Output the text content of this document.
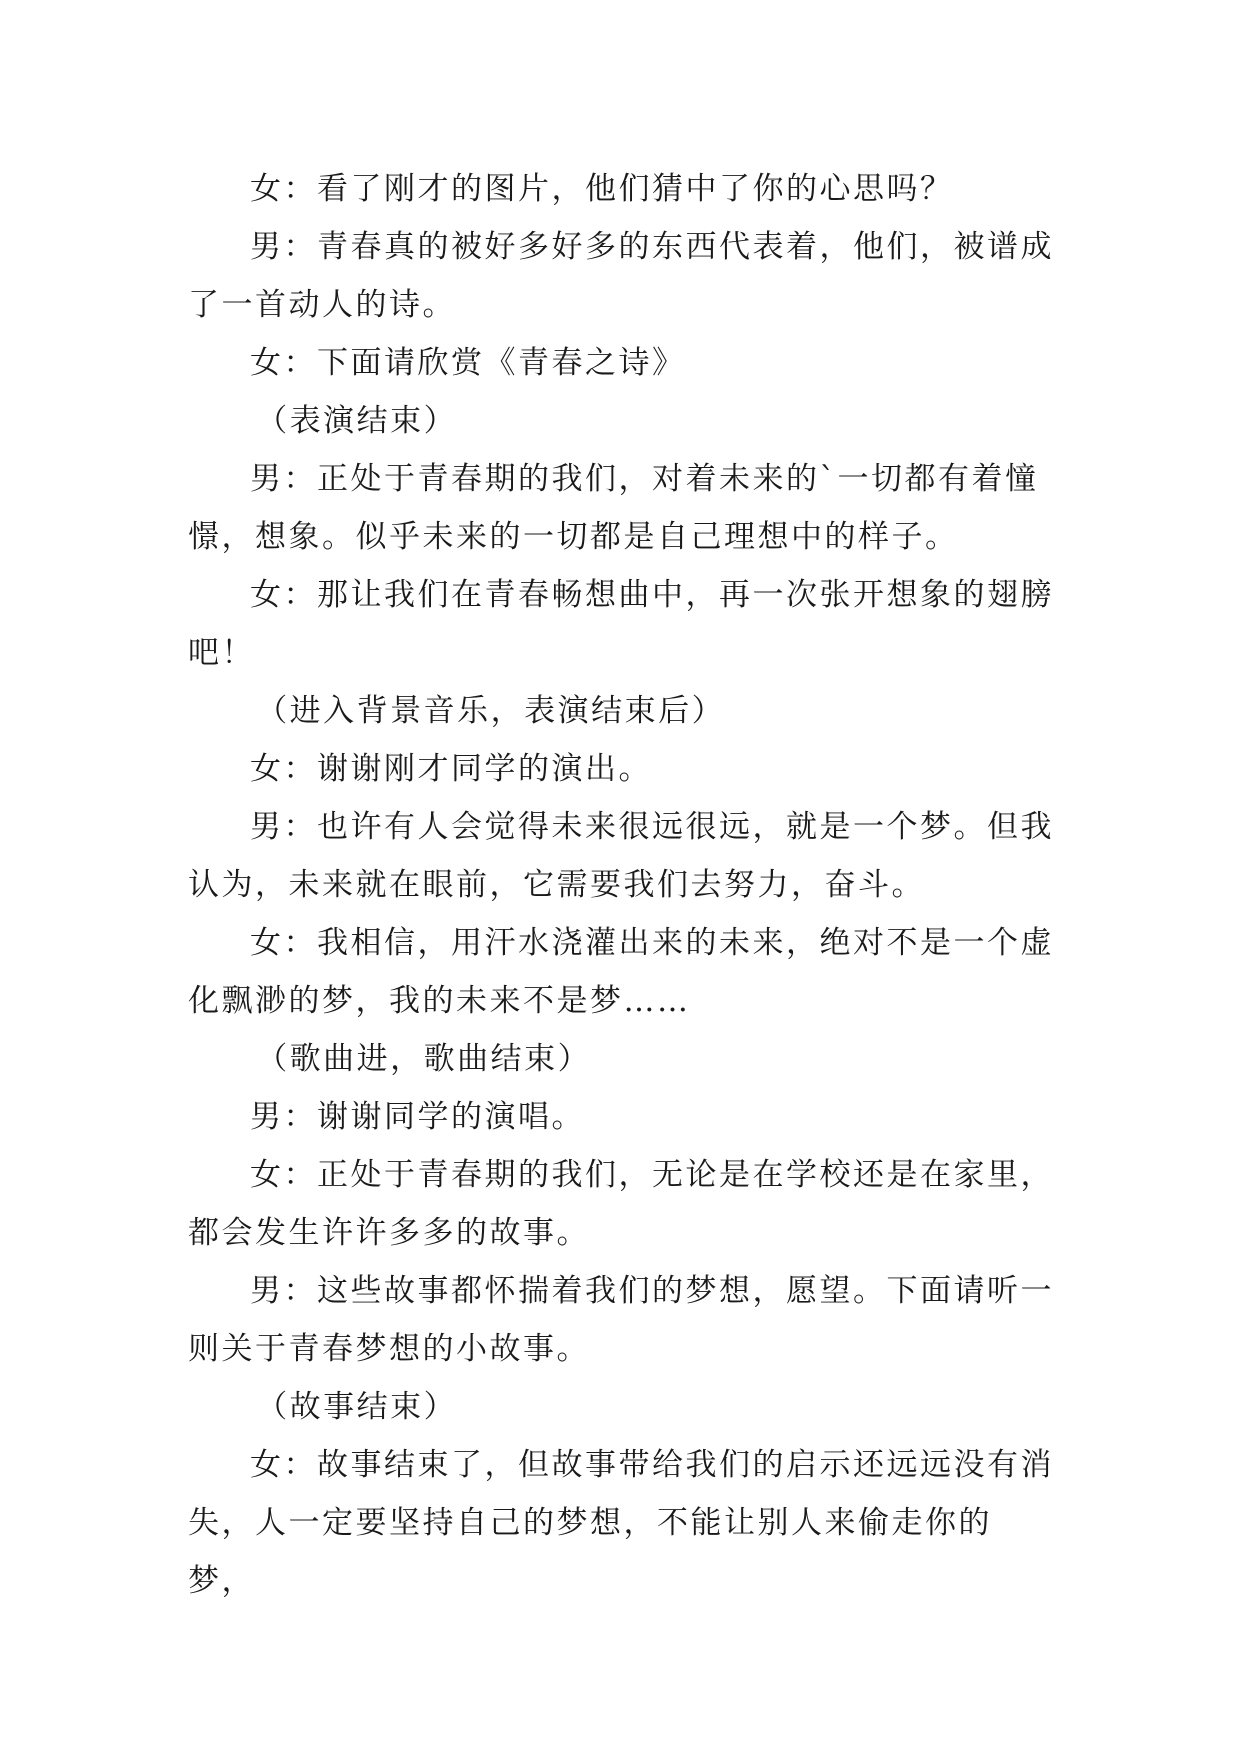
女：看了刚才的图片，他们猜中了你的心思吗？

男：青春真的被好多好多的东西代表着，他们，被谱成了一首动人的诗。

女：下面请欣赏《青春之诗》

（表演结束）

男：正处于青春期的我们，对着未来的`一切都有着憧憬，想象。似乎未来的一切都是自己理想中的样子。

女：那让我们在青春畅想曲中，再一次张开想象的翅膀吧！

（进入背景音乐，表演结束后）

女：谢谢刚才同学的演出。

男：也许有人会觉得未来很远很远，就是一个梦。但我认为，未来就在眼前，它需要我们去努力，奋斗。

女：我相信，用汗水浇灌出来的未来，绝对不是一个虚化飘渺的梦，我的未来不是梦……

（歌曲进，歌曲结束）

男：谢谢同学的演唱。

女：正处于青春期的我们，无论是在学校还是在家里，都会发生许许多多的故事。

男：这些故事都怀揣着我们的梦想，愿望。下面请听一则关于青春梦想的小故事。

（故事结束）

女：故事结束了，但故事带给我们的启示还远远没有消失，人一定要坚持自己的梦想，不能让别人来偷走你的梦，
